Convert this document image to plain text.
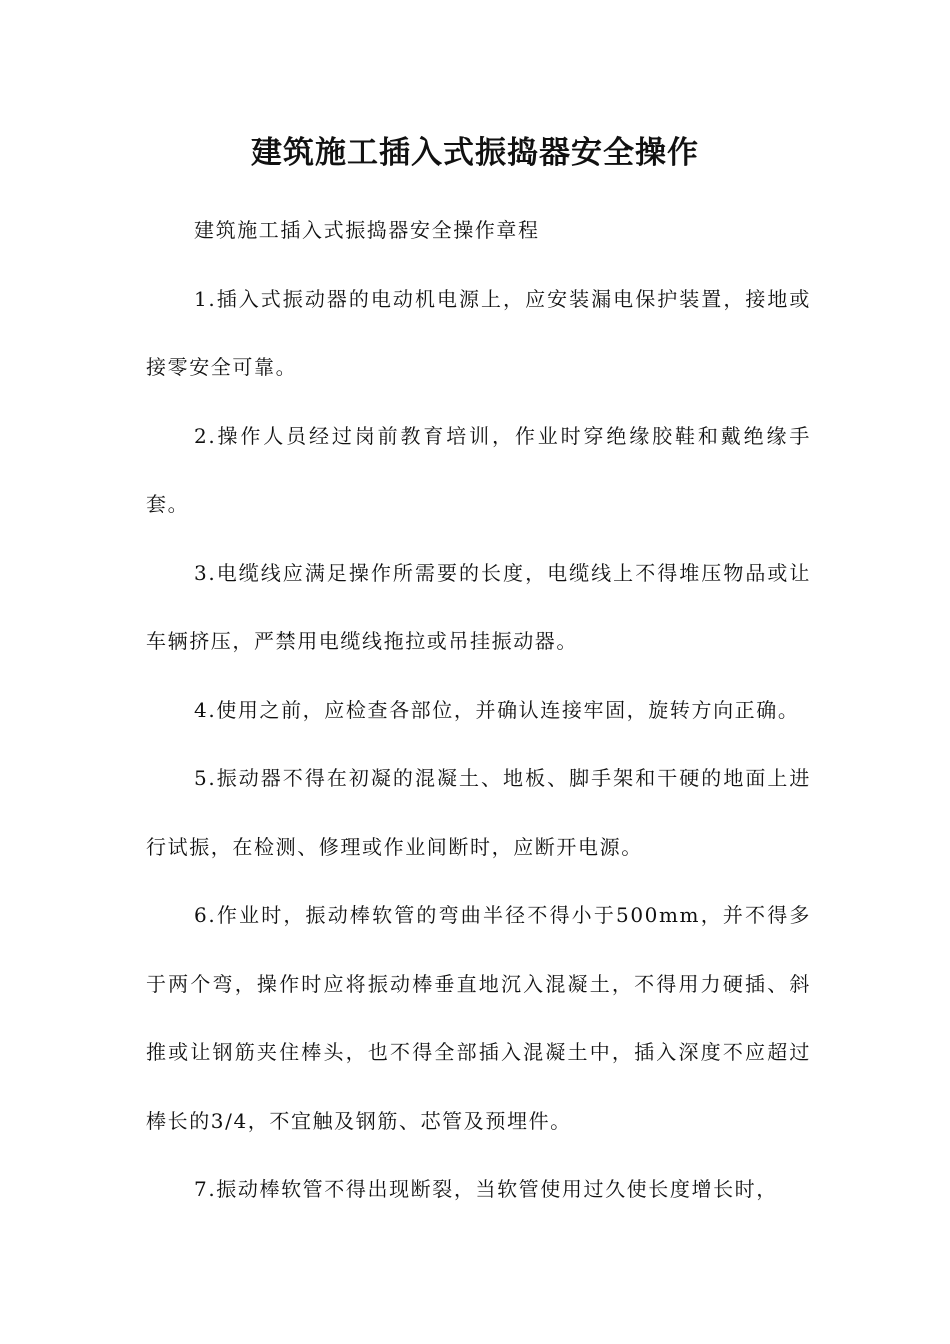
建筑施工插入式振捣器安全操作

建筑施工插入式振捣器安全操作章程

1.插入式振动器的电动机电源上，应安装漏电保护装置，接地或接零安全可靠。

2.操作人员经过岗前教育培训，作业时穿绝缘胶鞋和戴绝缘手套。

3.电缆线应满足操作所需要的长度，电缆线上不得堆压物品或让车辆挤压，严禁用电缆线拖拉或吊挂振动器。

4.使用之前，应检查各部位，并确认连接牢固，旋转方向正确。

5.振动器不得在初凝的混凝土、地板、脚手架和干硬的地面上进行试振，在检测、修理或作业间断时，应断开电源。

6.作业时，振动棒软管的弯曲半径不得小于500mm，并不得多于两个弯，操作时应将振动棒垂直地沉入混凝土，不得用力硬插、斜推或让钢筋夹住棒头，也不得全部插入混凝土中，插入深度不应超过棒长的3/4，不宜触及钢筋、芯管及预埋件。

7.振动棒软管不得出现断裂，当软管使用过久使长度增长时，
